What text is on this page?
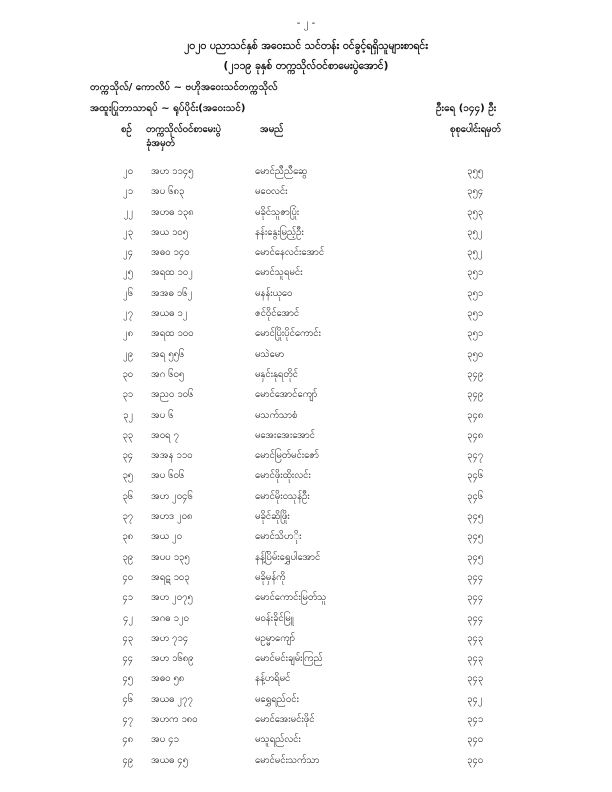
- ၂ -
၂၀၂၀ ပညာသင်နှစ် အဝေးသင် သင်တန်း ဝင်ခွင့်ရရှိသူများစာရင်း
(၂၁၁၉ ခုနှစ် တက္ကသိုလ်ဝင်စာမေးပွဲအောင်)
တက္ကသိုလ်/ ကောလိပ် ~ ဗဟိုအဝေးသင်တက္ကသိုလ်
အထူးပြုဘာသာရပ် ~ ရုပ်ပိုင်း(အဝေးသင်)	ဦးရေ (၁၄၄) ဦး
စဉ် တက္ကသိုလ်ဝင်စာမေးပွဲ
ခုံအမှတ်
အမည်	စုစုပေါင်းရမှတ်
၂၀ အဟ ၁၁၄၅	မောင်ညီညီဆွေ	၃၅၅
၂၁ အပ ၆၈၃	မဝေလင်း	၃၅၄
၂၂ အဟဓ ၁၃၈	မခိုင်သူဇာပြုံး	၃၅၃
၂၃ အယ ၁၀၅	နန်းနွေးမြည့်ဦး	၃၅၂
၂၄ အဓဝ ၁၄၀	မောင်နေလင်းအောင်	၃၅၂
၂၅ အရထ ၁၀၂	မောင်သူရမင်း	၃၅၁
၂၆ အအဓ ၁၆၂	မနန်းယုဝေ	၃၅၁
၂၇ အယဓ ၁၂	ဇင်ဝိုင်အောင်	၃၅၁
၂၈ အရထ ၁၀၀	မောင်ပြိုးပိုင်ကောင်း	၃၅၁
၂၉ အရ ၅၅၆	မသဲမော	၃၅၀
၃၀ အဂ ၆၀၅	မနှင်းနုရတိုင်	၃၄၉
၃၁ အညဝ ၁၀၆	မောင်အောင်ကျော်	၃၄၉
၃၂ အပ ၆	မသက်သာစံ	၃၄၈
၃၃ အဝရ ၇	မအေးအေးအောင်	၃၄၈
၃၄ အအန ၁၁၀	မောင်မြတ်မင်းဇော်	၃၄၇
၃၅ အပ ၆၀၆	မောင်ဖိုးထိုးလင်း	၃၄၆
၃၆ အဟ ၂၀၄၆	မောင်မိုးဝသုန်ဦး	၃၄၆
၃၇ အဟဒ ၂၀၈	မခိုင်ဆိုဖြိုး	၃၄၅
၃၈ အယ ၂၀	မောင်သိဟ‌ိုး	၃၄၅
၃၉ အပပ ၁၃၅	နန့်ပြိမ်းရွှေပါအောင်	၃၄၅
၄၀ အရဋ ၁၀၃	မခိုမှန်ကို	၃၄၄
၄၁ အဟ ၂၀၇၅	မောင်ကောင်းမြတ်သူ	၃၄၄
၄၂ အဂဓ ၁၂၀	မဝန်းခိုင်မြူ	၃၄၄
၄၃ အဟ ၇၁၄	မဥမ္မာကျော်	၃၄၃
၄၄ အဟ ၁၆၈၉	မောင်မင်းချမ်းကြည်	၃၄၃
၄၅ အဓဝ ၅၈	နန့်ဟရိမင်	၃၄၃
၄၆ အယဓ ၂၇၇	မရွှေရည်ဝင်း	၃၄၂
၄၇ အဟက ၁၈၀	မောင်အေးမင်းဖိုင်	၃၄၁
၄၈ အပ ၄၁	မသူရည်လင်း	၃၄၀
၄၉ အယဓ ၄၅	မောင်မင်းသက်သာ	၃၄၀
